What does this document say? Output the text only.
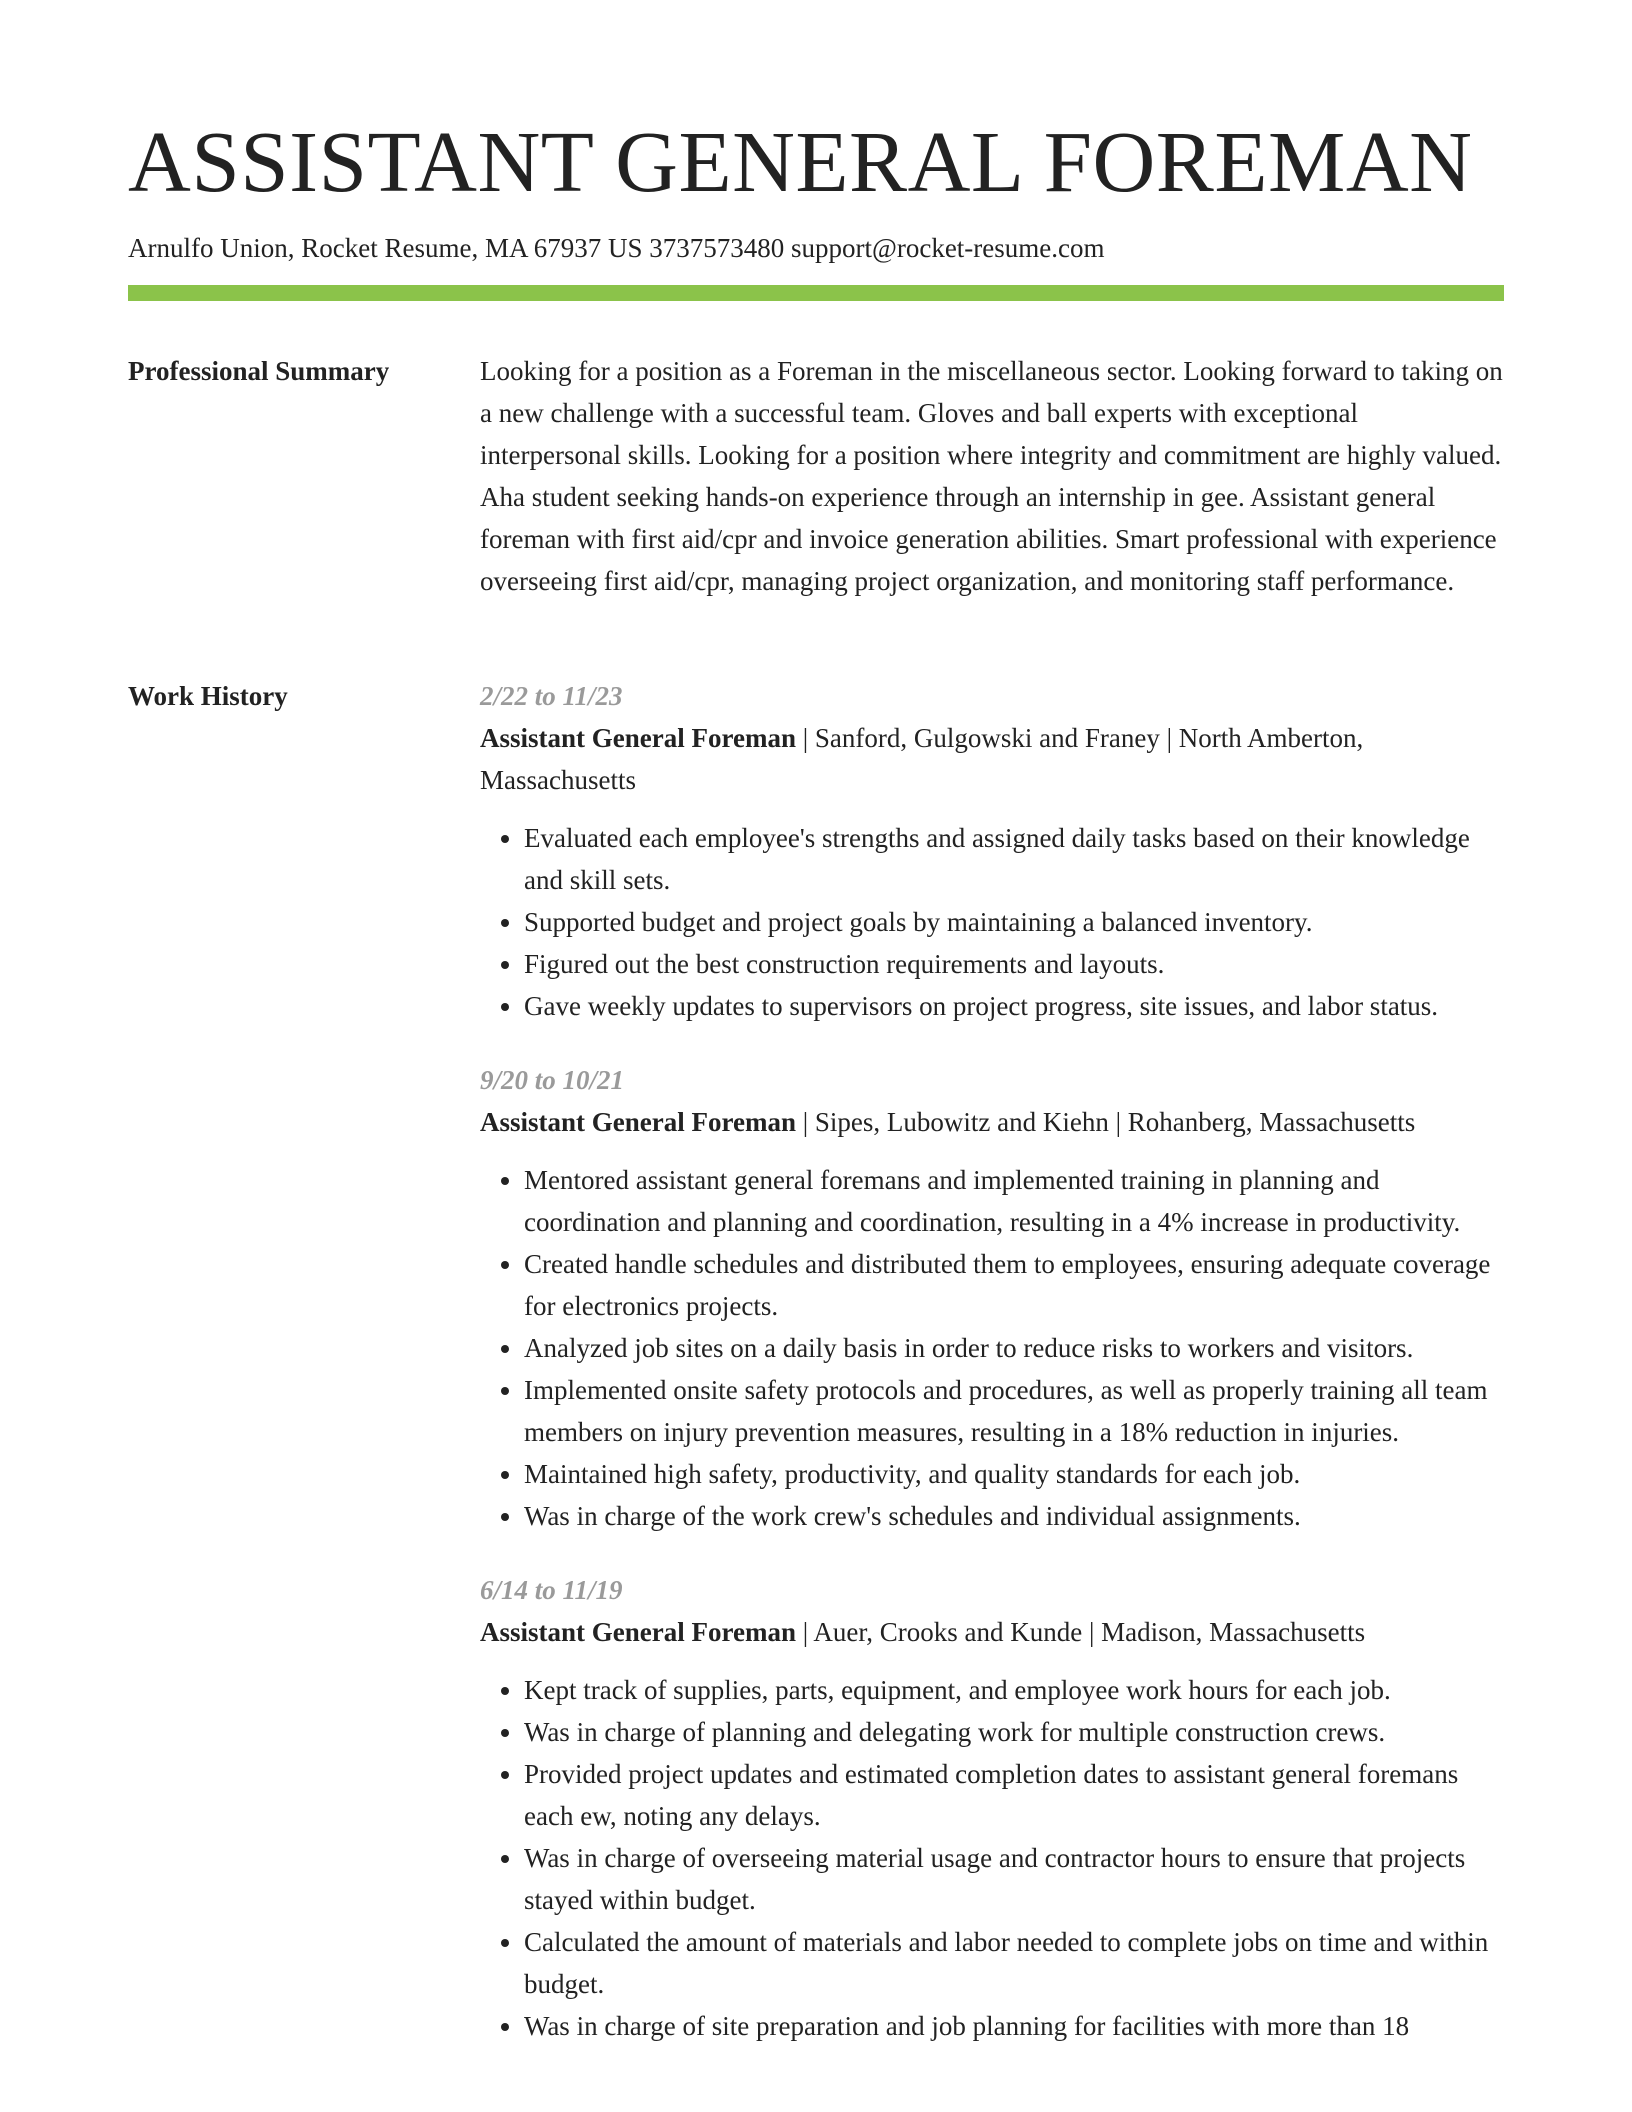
ASSISTANT GENERAL FOREMAN
Arnulfo Union, Rocket Resume, MA 67937 US 3737573480 support@rocket-resume.com
Professional Summary	Looking for a position as a Foreman in the miscellaneous sector. Looking forward to taking on a new challenge with a successful team. Gloves and ball experts with exceptional interpersonal skills. Looking for a position where integrity and commitment are highly valued. Aha student seeking hands-on experience through an internship in gee. Assistant general foreman with first aid/cpr and invoice generation abilities. Smart professional with experience overseeing first aid/cpr, managing project organization, and monitoring staff performance.

Work History	2/22 to 11/23
Assistant General Foreman | Sanford, Gulgowski and Franey | North Amberton, Massachusetts
• Evaluated each employee's strengths and assigned daily tasks based on their knowledge and skill sets.
• Supported budget and project goals by maintaining a balanced inventory.
• Figured out the best construction requirements and layouts.
• Gave weekly updates to supervisors on project progress, site issues, and labor status.
9/20 to 10/21
Assistant General Foreman | Sipes, Lubowitz and Kiehn | Rohanberg, Massachusetts
• Mentored assistant general foremans and implemented training in planning and coordination and planning and coordination, resulting in a 4% increase in productivity.
• Created handle schedules and distributed them to employees, ensuring adequate coverage for electronics projects.
• Analyzed job sites on a daily basis in order to reduce risks to workers and visitors.
• Implemented onsite safety protocols and procedures, as well as properly training all team members on injury prevention measures, resulting in a 18% reduction in injuries.
• Maintained high safety, productivity, and quality standards for each job.
• Was in charge of the work crew's schedules and individual assignments.
6/14 to 11/19
Assistant General Foreman | Auer, Crooks and Kunde | Madison, Massachusetts
• Kept track of supplies, parts, equipment, and employee work hours for each job.
• Was in charge of planning and delegating work for multiple construction crews.
• Provided project updates and estimated completion dates to assistant general foremans each ew, noting any delays.
• Was in charge of overseeing material usage and contractor hours to ensure that projects stayed within budget.
• Calculated the amount of materials and labor needed to complete jobs on time and within budget.
• Was in charge of site preparation and job planning for facilities with more than 18
